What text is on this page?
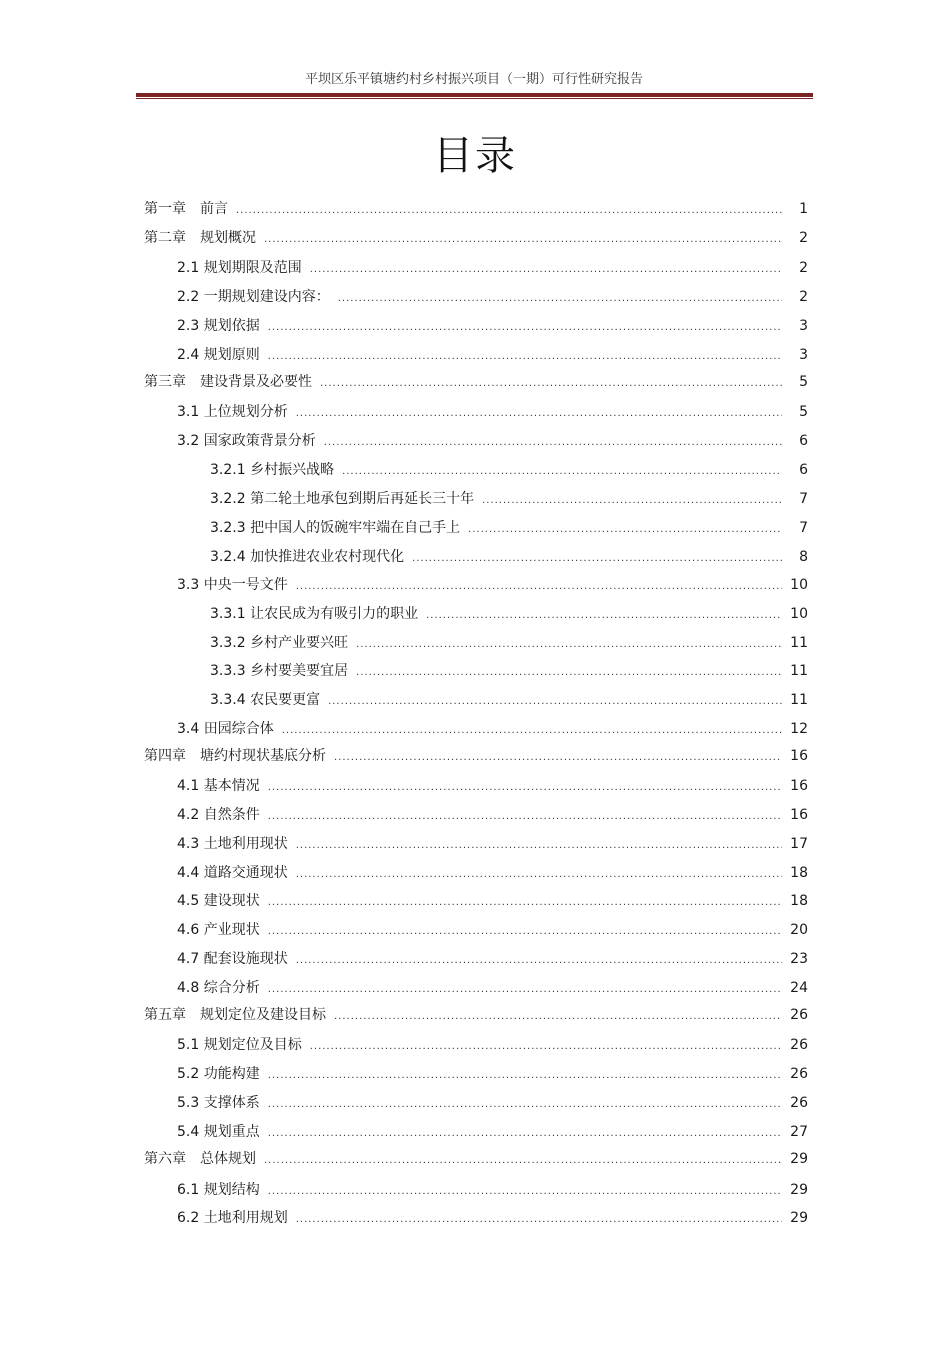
平坝区乐平镇塘约村乡村振兴项目（一期）可行性研究报告
目录
第一章　前言 .....	1
第二章　规划概况 .....	2
2.1 规划期限及范围 .....	2
2.2 一期规划建设内容： .....	2
2.3 规划依据 .....	3
2.4 规划原则 .....	3
第三章　建设背景及必要性 .....	5
3.1 上位规划分析 .....	5
3.2 国家政策背景分析 .....	6
3.2.1 乡村振兴战略 .....	6
3.2.2 第二轮土地承包到期后再延长三十年 .....	7
3.2.3 把中国人的饭碗牢牢端在自己手上 .....	7
3.2.4 加快推进农业农村现代化 .....	8
3.3 中央一号文件 .....	10
3.3.1 让农民成为有吸引力的职业 .....	10
3.3.2 乡村产业要兴旺 .....	11
3.3.3 乡村要美要宜居 .....	11
3.3.4 农民要更富 .....	11
3.4 田园综合体 .....	12
第四章　塘约村现状基底分析 .....	16
4.1 基本情况 .....	16
4.2 自然条件 .....	16
4.3 土地利用现状 .....	17
4.4 道路交通现状 .....	18
4.5 建设现状 .....	18
4.6 产业现状 .....	20
4.7 配套设施现状 .....	23
4.8 综合分析 .....	24
第五章　规划定位及建设目标 .....	26
5.1 规划定位及目标 .....	26
5.2 功能构建 .....	26
5.3 支撑体系 .....	26
5.4 规划重点 .....	27
第六章　总体规划 .....	29
6.1 规划结构 .....	29
6.2 土地利用规划 .....	29
